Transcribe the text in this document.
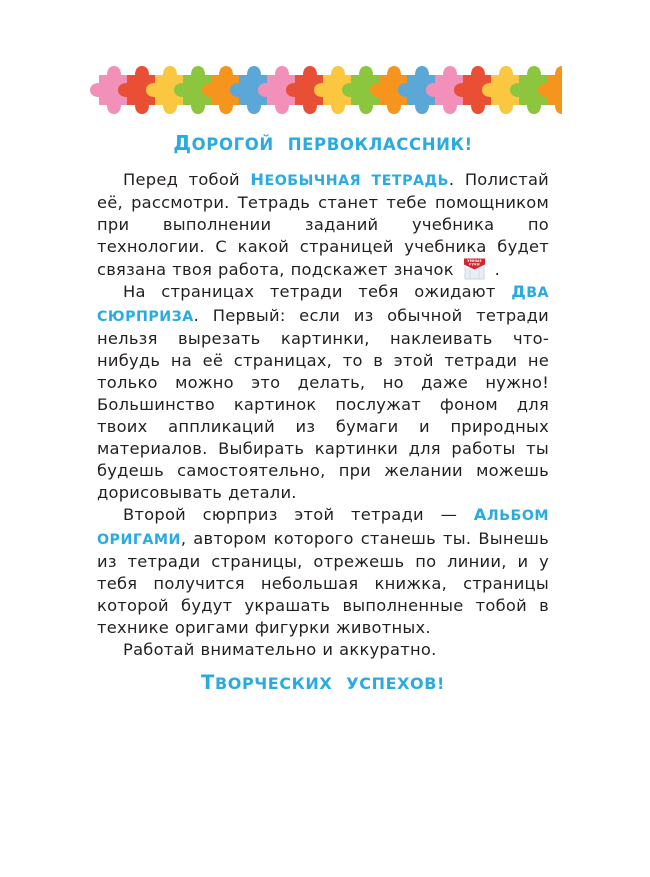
ДОРОГОЙ ПЕРВОКЛАССНИК!

Перед тобой НЕОБЫЧНАЯ ТЕТРАДЬ. Полистай её, рассмотри. Тетрадь станет тебе помощником при выполнении заданий учебника по технологии. С какой страницей учебника будет связана твоя работа, подскажет значок УМНЫЕ
РУКИ .

На страницах тетради тебя ожидают ДВА СЮРПРИЗА. Первый: если из обычной тетради нельзя вырезать картинки, наклеивать что-нибудь на её страницах, то в этой тетради не только можно это делать, но даже нужно! Большинство картинок послужат фоном для твоих аппликаций из бумаги и природных материалов. Выбирать картинки для работы ты будешь самостоятельно, при желании можешь дорисовывать детали.

Второй сюрприз этой тетради — АЛЬБОМ ОРИГАМИ, автором которого станешь ты. Вынешь из тетради страницы, отрежешь по линии, и у тебя получится небольшая книжка, страницы которой будут украшать выполненные тобой в технике оригами фигурки животных.

Работай внимательно и аккуратно.

ТВОРЧЕСКИХ УСПЕХОВ!
